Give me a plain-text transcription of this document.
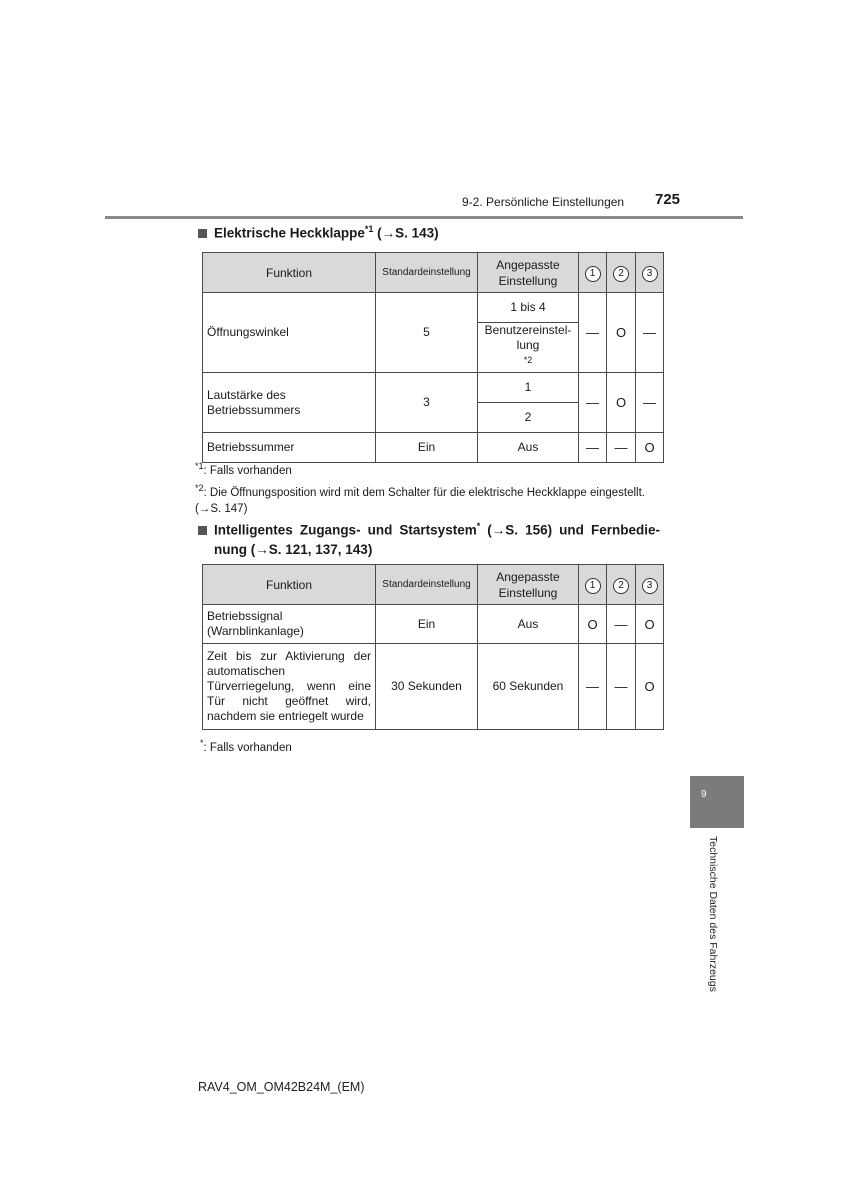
9-2. Persönliche Einstellungen 725
Elektrische Heckklappe$^{*1}$ (→S. 143)
Funktion	Standardeinstellung	Angepasste Einstellung	1	2	3
Öffnungswinkel	5	1 bis 4	—	O	—
		Benutzereinstel-lung$^{*2}$
Lautstärke des Betriebssummers	3	1	—	O	—
		2			
Betriebssummer	Ein	Aus	—	—	O
$^{*1}$: Falls vorhanden
$^{*2}$: Die Öffnungsposition wird mit dem Schalter für die elektrische Heckklappe eingestellt. (→S. 147)
Intelligentes Zugangs- und Startsystem* (→S. 156) und Fernbedie-
nung (→S. 121, 137, 143)
Funktion	Standardeinstellung	Angepasste Einstellung	1	2	3
Betriebssignal (Warnblinkanlage)	Ein	Aus	O	—	O
Zeit bis zur Aktivierung der automatischen Türverriegelung, wenn eine Tür nicht geöffnet wird, nachdem sie entriegelt wurde	30 Sekunden	60 Sekunden	—	—	O
*: Falls vorhanden
9
Technische Daten des Fahrzeugs
RAV4_OM_OM42B24M_(EM)
